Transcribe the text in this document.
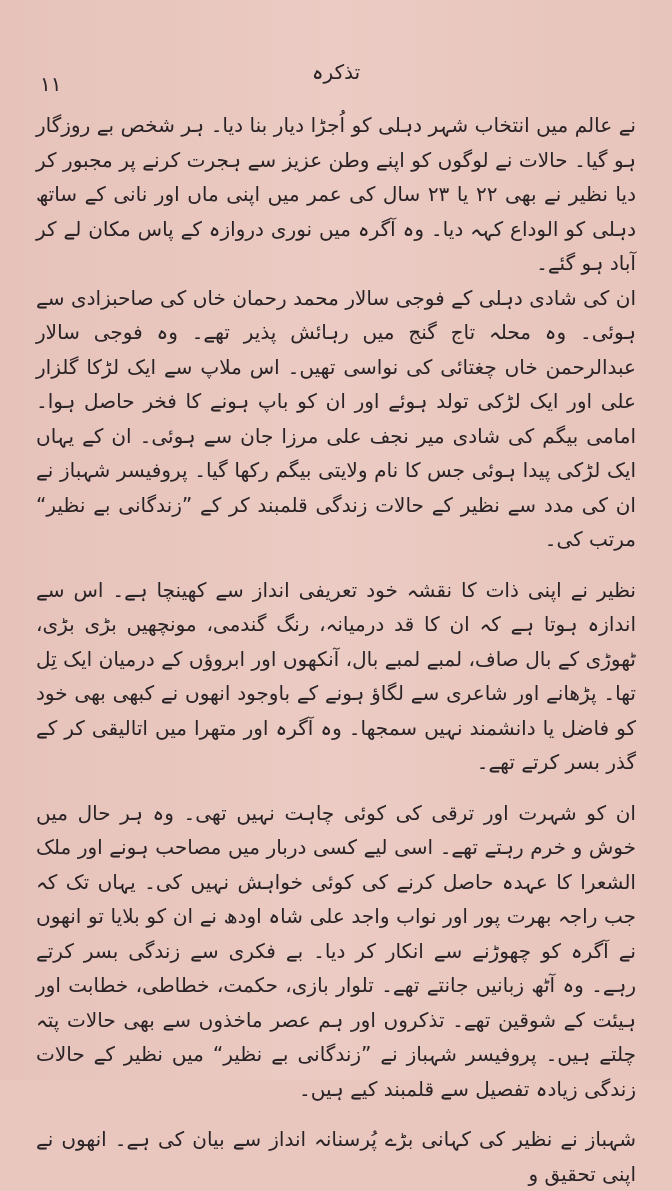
۱۱	تذکرہ

نے عالم میں انتخاب شہر دہلی کو اُجڑا دیار بنا دیا۔ ہر شخص بے روزگار ہو گیا۔ حالات نے لوگوں کو اپنے وطن عزیز سے ہجرت کرنے پر مجبور کر دیا نظیر نے بھی ۲۲ یا ۲۳ سال کی عمر میں اپنی ماں اور نانی کے ساتھ دہلی کو الوداع کہہ دیا۔ وہ آگرہ میں نوری دروازہ کے پاس مکان لے کر آباد ہو گئے۔

ان کی شادی دہلی کے فوجی سالار محمد رحمان خاں کی صاحبزادی سے ہوئی۔ وہ محلہ تاج گنج میں رہائش پذیر تھے۔ وہ فوجی سالار عبدالرحمن خاں چغتائی کی نواسی تھیں۔ اس ملاپ سے ایک لڑکا گلزار علی اور ایک لڑکی تولد ہوئے اور ان کو باپ ہونے کا فخر حاصل ہوا۔ امامی بیگم کی شادی میر نجف علی مرزا جان سے ہوئی۔ ان کے یہاں ایک لڑکی پیدا ہوئی جس کا نام ولایتی بیگم رکھا گیا۔ پروفیسر شہباز نے ان کی مدد سے نظیر کے حالات زندگی قلمبند کر کے ”زندگانی بے نظیر“ مرتب کی۔

نظیر نے اپنی ذات کا نقشہ خود تعریفی انداز سے کھینچا ہے۔ اس سے اندازہ ہوتا ہے کہ ان کا قد درمیانہ، رنگ گندمی، مونچھیں بڑی بڑی، ٹھوڑی کے بال صاف، لمبے لمبے بال، آنکھوں اور ابروؤں کے درمیان ایک تِل تھا۔ پڑھانے اور شاعری سے لگاؤ ہونے کے باوجود انھوں نے کبھی بھی خود کو فاضل یا دانشمند نہیں سمجھا۔ وہ آگرہ اور متھرا میں اتالیقی کر کے گذر بسر کرتے تھے۔

ان کو شہرت اور ترقی کی کوئی چاہت نہیں تھی۔ وہ ہر حال میں خوش و خرم رہتے تھے۔ اسی لیے کسی دربار میں مصاحب ہونے اور ملک الشعرا کا عہدہ حاصل کرنے کی کوئی خواہش نہیں کی۔ یہاں تک کہ جب راجہ بھرت پور اور نواب واجد علی شاہ اودھ نے ان کو بلایا تو انھوں نے آگرہ کو چھوڑنے سے انکار کر دیا۔ بے فکری سے زندگی بسر کرتے رہے۔ وہ آٹھ زبانیں جانتے تھے۔ تلوار بازی، حکمت، خطاطی، خطابت اور ہیئت کے شوقین تھے۔ تذکروں اور ہم عصر ماخذوں سے بھی حالات پتہ چلتے ہیں۔ پروفیسر شہباز نے ”زندگانی بے نظیر“ میں نظیر کے حالات زندگی زیادہ تفصیل سے قلمبند کیے ہیں۔

شہباز نے نظیر کی کہانی بڑے پُرسنانہ انداز سے بیان کی ہے۔ انھوں نے اپنی تحقیق و
